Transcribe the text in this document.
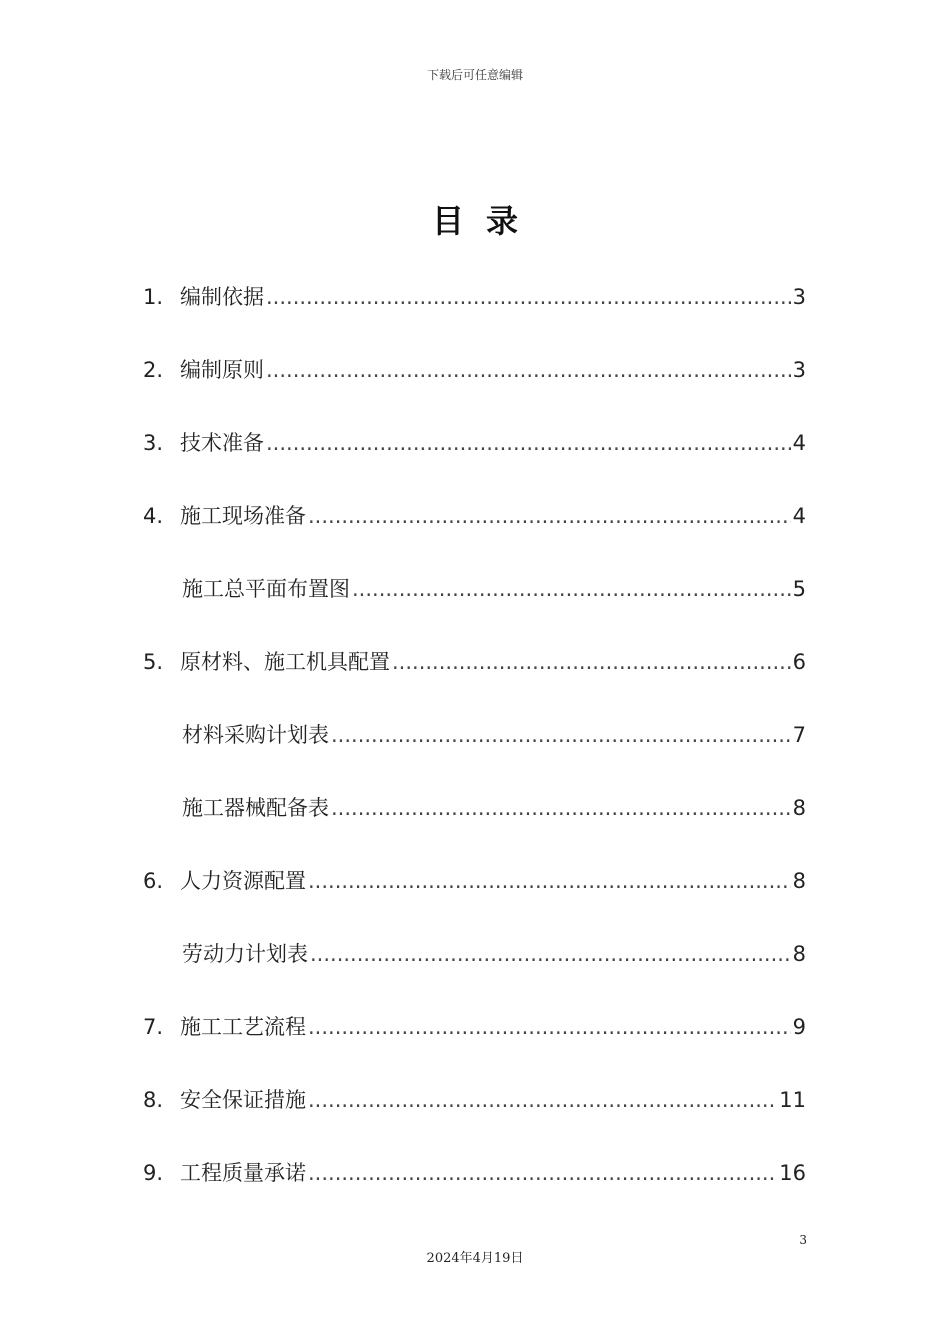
下载后可任意编辑
目录
1. 编制依据 .....	3
2. 编制原则 .....	3
3. 技术准备 .....	4
4. 施工现场准备 .....	4
施工总平面布置图 .....	5
5. 原材料、施工机具配置 .....	6
材料采购计划表 .....	7
施工器械配备表 .....	8
6. 人力资源配置 .....	8
劳动力计划表 .....	8
7. 施工工艺流程 .....	9
8. 安全保证措施 .....	11
9. 工程质量承诺 .....	16
3
2024年4月19日
